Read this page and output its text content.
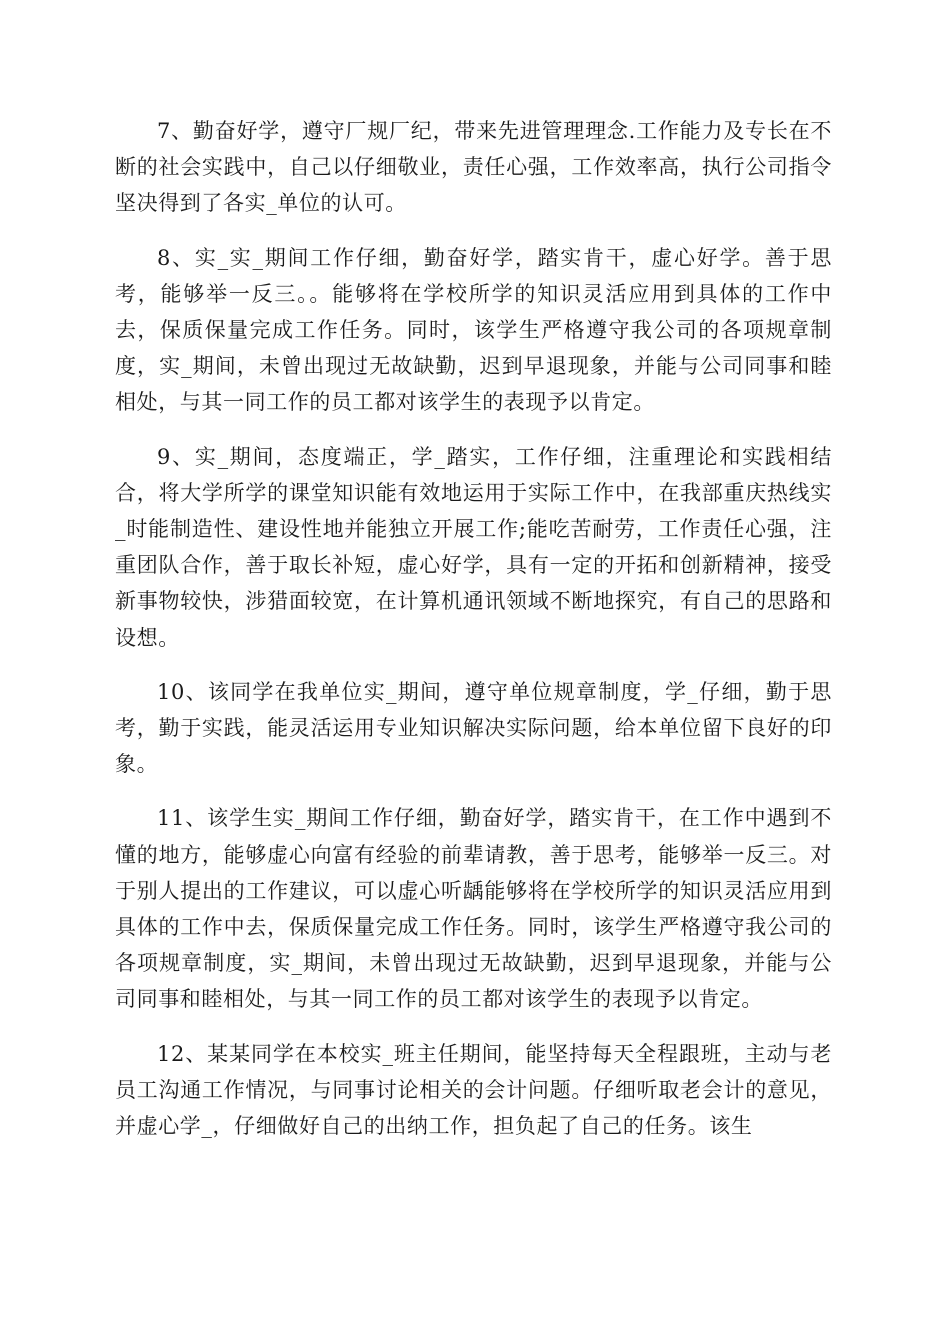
7、勤奋好学，遵守厂规厂纪，带来先进管理理念.工作能力及专长在不断的社会实践中，自己以仔细敬业，责任心强，工作效率高，执行公司指令坚决得到了各实_单位的认可。

8、实_实_期间工作仔细，勤奋好学，踏实肯干，虚心好学。善于思考，能够举一反三。。能够将在学校所学的知识灵活应用到具体的工作中去，保质保量完成工作任务。同时，该学生严格遵守我公司的各项规章制度，实_期间，未曾出现过无故缺勤，迟到早退现象，并能与公司同事和睦相处，与其一同工作的员工都对该学生的表现予以肯定。

9、实_期间，态度端正，学_踏实，工作仔细，注重理论和实践相结合，将大学所学的课堂知识能有效地运用于实际工作中，在我部重庆热线实_时能制造性、建设性地并能独立开展工作;能吃苦耐劳，工作责任心强，注重团队合作，善于取长补短，虚心好学，具有一定的开拓和创新精神，接受新事物较快，涉猎面较宽，在计算机通讯领域不断地探究，有自己的思路和设想。

10、该同学在我单位实_期间，遵守单位规章制度，学_仔细，勤于思考，勤于实践，能灵活运用专业知识解决实际问题，给本单位留下良好的印象。

11、该学生实_期间工作仔细，勤奋好学，踏实肯干，在工作中遇到不懂的地方，能够虚心向富有经验的前辈请教，善于思考，能够举一反三。对于别人提出的工作建议，可以虚心听龋能够将在学校所学的知识灵活应用到具体的工作中去，保质保量完成工作任务。同时，该学生严格遵守我公司的各项规章制度，实_期间，未曾出现过无故缺勤，迟到早退现象，并能与公司同事和睦相处，与其一同工作的员工都对该学生的表现予以肯定。

12、某某同学在本校实_班主任期间，能坚持每天全程跟班，主动与老员工沟通工作情况，与同事讨论相关的会计问题。仔细听取老会计的意见，并虚心学_，仔细做好自己的出纳工作，担负起了自己的任务。该生
